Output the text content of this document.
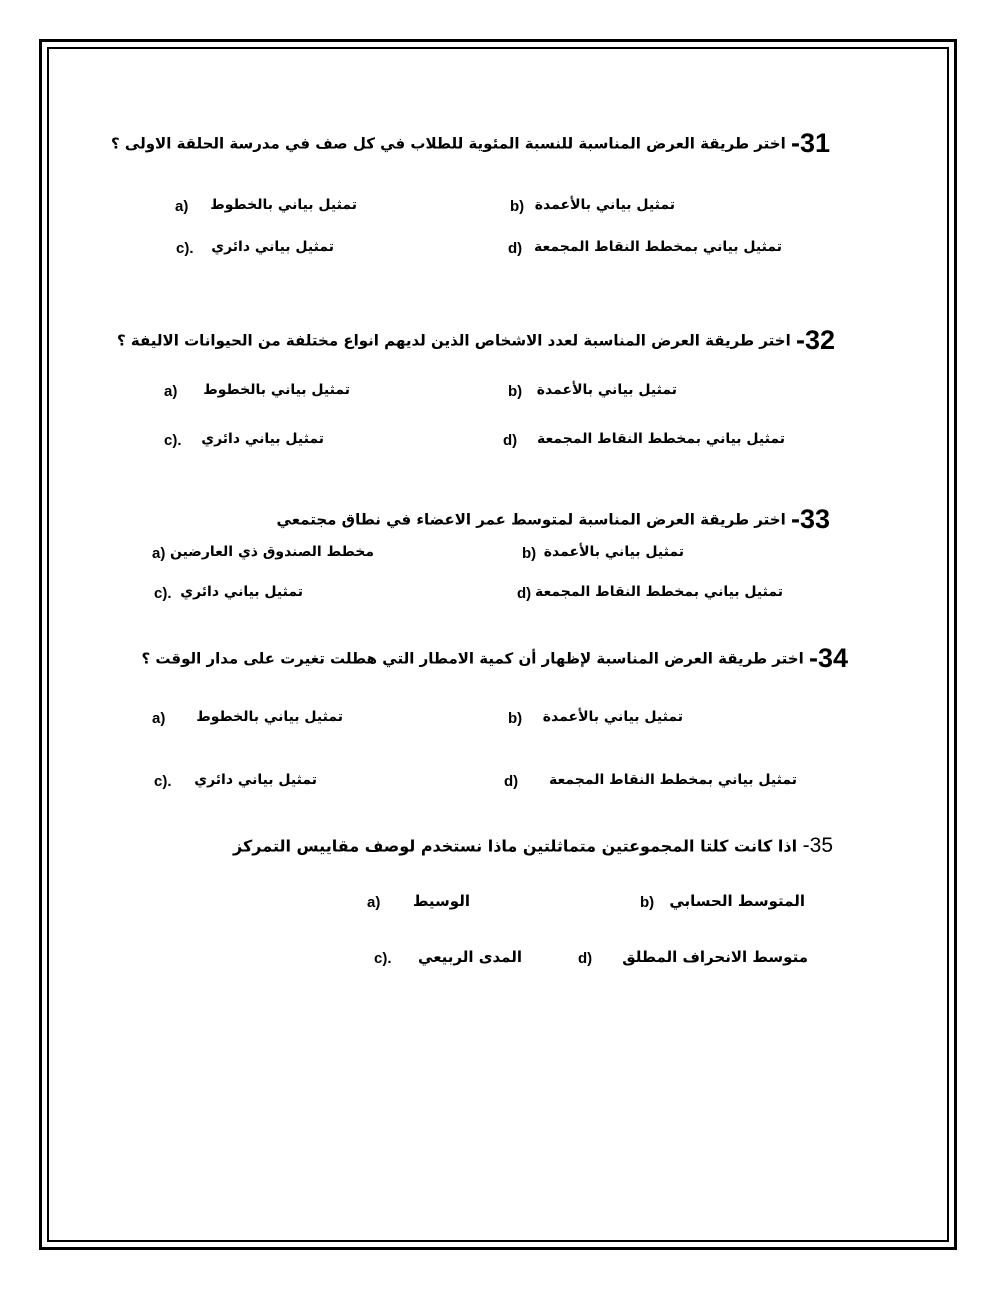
31- اختر طريقة العرض المناسبة للنسبة المئوية للطلاب في كل صف في مدرسة الحلقة الاولى ؟
a) تمثيل بياني بالخطوط	b) تمثيل بياني بالأعمدة
c). تمثيل بياني دائري	d) تمثيل بياني بمخطط النقاط المجمعة
32- اختر طريقة العرض المناسبة لعدد الاشخاص الذين لديهم انواع مختلفة من الحيوانات الاليفة ؟
a) تمثيل بياني بالخطوط	b) تمثيل بياني بالأعمدة
c). تمثيل بياني دائري	d) تمثيل بياني بمخطط النقاط المجمعة
33- اختر طريقة العرض المناسبة لمتوسط عمر الاعضاء في نطاق مجتمعي
a) مخطط الصندوق ذي العارضين	b) تمثيل بياني بالأعمدة
c). تمثيل بياني دائري	d) تمثيل بياني بمخطط النقاط المجمعة
34- اختر طريقة العرض المناسبة لإظهار أن كمية الامطار التي هطلت تغيرت على مدار الوقت ؟
a) تمثيل بياني بالخطوط	b) تمثيل بياني بالأعمدة
c). تمثيل بياني دائري	d) تمثيل بياني بمخطط النقاط المجمعة
35- اذا كانت كلتا المجموعتين متماثلتين ماذا نستخدم لوصف مقاييس التمركز
a) الوسيط	b) المتوسط الحسابي
c). المدى الربيعي	d) متوسط الانحراف المطلق
